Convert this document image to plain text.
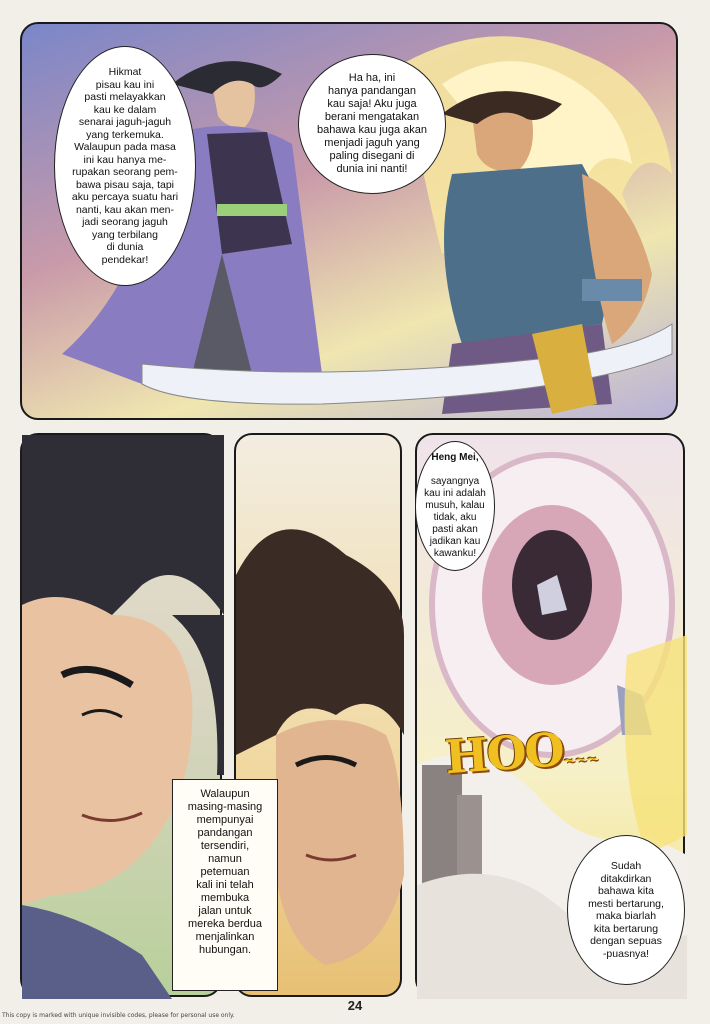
Hikmat
pisau kau ini
pasti melayakkan
kau ke dalam
senarai jaguh-jaguh
yang terkemuka.
Walaupun pada masa
ini kau hanya me-
rupakan seorang pem-
bawa pisau saja, tapi
aku percaya suatu hari
nanti, kau akan men-
jadi seorang jaguh
yang terbilang
di dunia
pendekar!
Ha ha, ini
hanya pandangan
kau saja! Aku juga
berani mengatakan
bahawa kau juga akan
menjadi jaguh yang
paling disegani di
dunia ini nanti!
Walaupun
masing-masing
mempunyai
pandangan
tersendiri,
namun
petemuan
kali ini telah
membuka
jalan untuk
mereka berdua
menjalinkan
hubungan.
Heng Mei,

sayangnya
kau ini adalah
musuh, kalau
tidak, aku
pasti akan
jadikan kau
kawanku!
HOO~~~
Sudah
ditakdirkan
bahawa kita
mesti bertarung,
maka biarlah
kita bertarung
dengan sepuas
-puasnya!
24
This copy is marked with unique invisible codes, please for personal use only.
